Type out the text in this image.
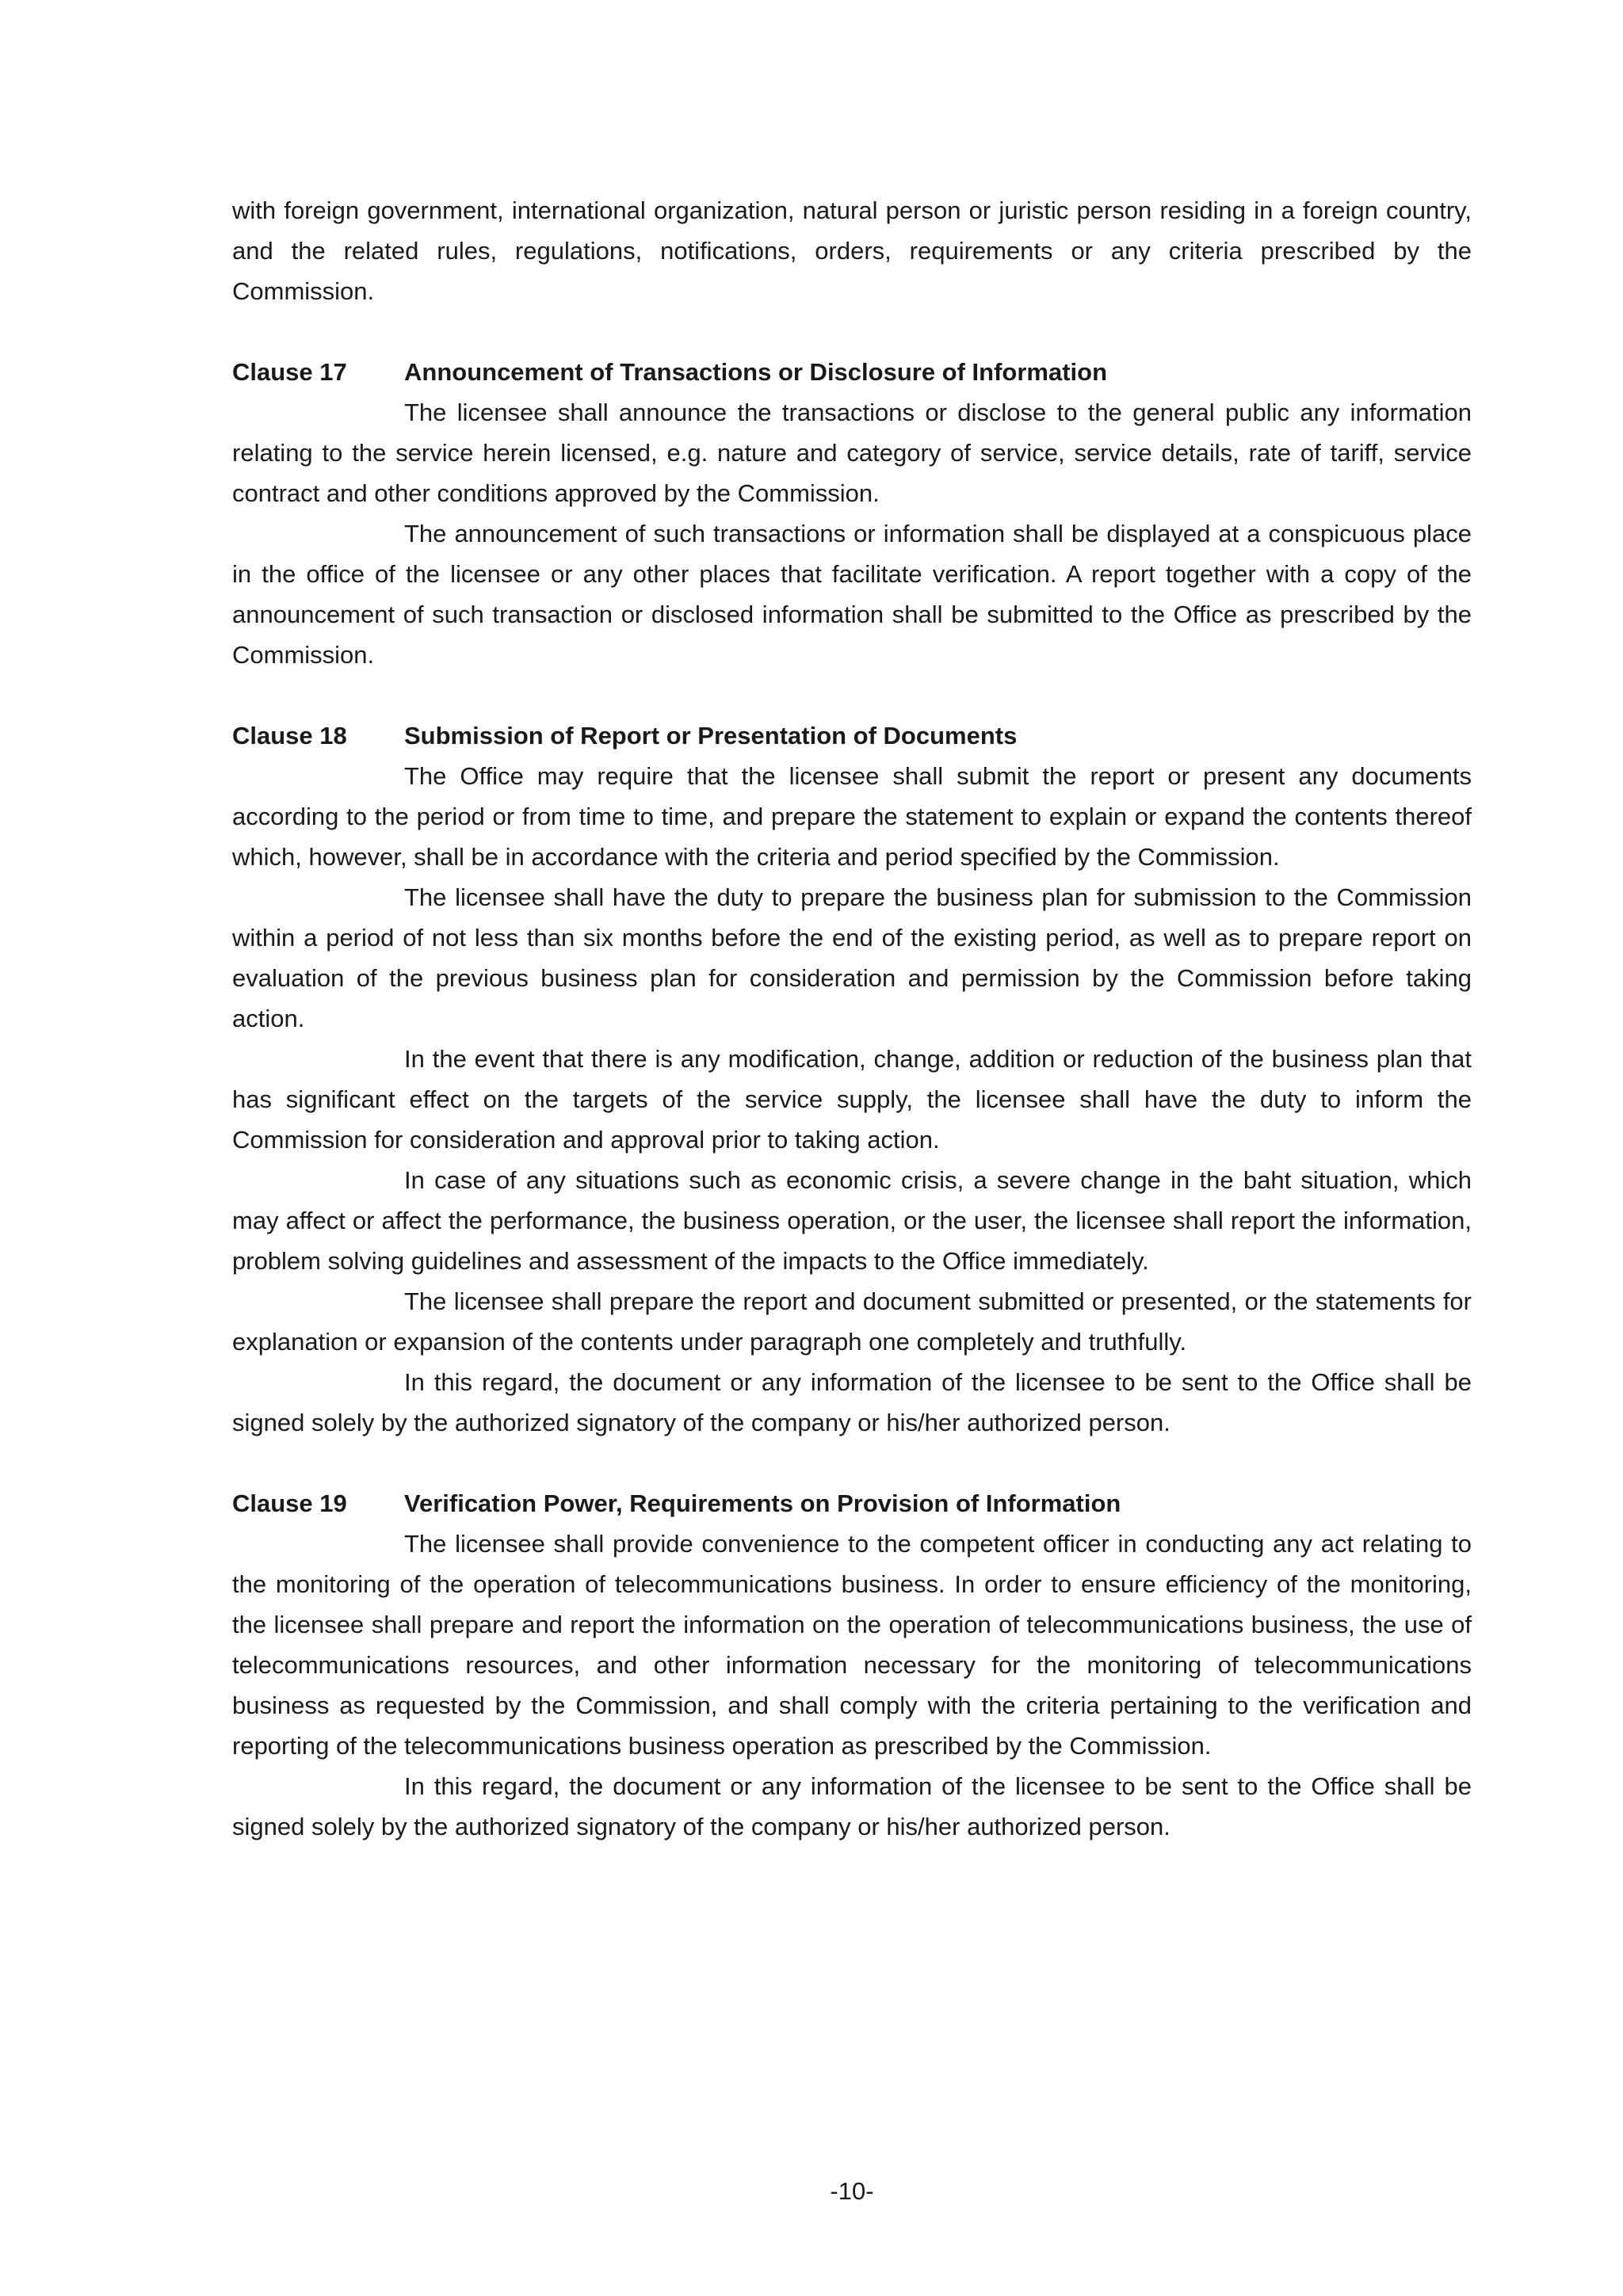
with foreign government, international organization, natural person or juristic person residing in a foreign country, and the related rules, regulations, notifications, orders, requirements or any criteria prescribed by the Commission.

Clause 17	Announcement of Transactions or Disclosure of Information

The licensee shall announce the transactions or disclose to the general public any information relating to the service herein licensed, e.g. nature and category of service, service details, rate of tariff, service contract and other conditions approved by the Commission.

The announcement of such transactions or information shall be displayed at a conspicuous place in the office of the licensee or any other places that facilitate verification. A report together with a copy of the announcement of such transaction or disclosed information shall be submitted to the Office as prescribed by the Commission.

Clause 18	Submission of Report or Presentation of Documents

The Office may require that the licensee shall submit the report or present any documents according to the period or from time to time, and prepare the statement to explain or expand the contents thereof which, however, shall be in accordance with the criteria and period specified by the Commission.

The licensee shall have the duty to prepare the business plan for submission to the Commission within a period of not less than six months before the end of the existing period, as well as to prepare report on evaluation of the previous business plan for consideration and permission by the Commission before taking action.

In the event that there is any modification, change, addition or reduction of the business plan that has significant effect on the targets of the service supply, the licensee shall have the duty to inform the Commission for consideration and approval prior to taking action.

In case of any situations such as economic crisis, a severe change in the baht situation, which may affect or affect the performance, the business operation, or the user, the licensee shall report the information, problem solving guidelines and assessment of the impacts to the Office immediately.

The licensee shall prepare the report and document submitted or presented, or the statements for explanation or expansion of the contents under paragraph one completely and truthfully.

In this regard, the document or any information of the licensee to be sent to the Office shall be signed solely by the authorized signatory of the company or his/her authorized person.

Clause 19	Verification Power, Requirements on Provision of Information

The licensee shall provide convenience to the competent officer in conducting any act relating to the monitoring of the operation of telecommunications business. In order to ensure efficiency of the monitoring, the licensee shall prepare and report the information on the operation of telecommunications business, the use of telecommunications resources, and other information necessary for the monitoring of telecommunications business as requested by the Commission, and shall comply with the criteria pertaining to the verification and reporting of the telecommunications business operation as prescribed by the Commission.

In this regard, the document or any information of the licensee to be sent to the Office shall be signed solely by the authorized signatory of the company or his/her authorized person.

-10-
